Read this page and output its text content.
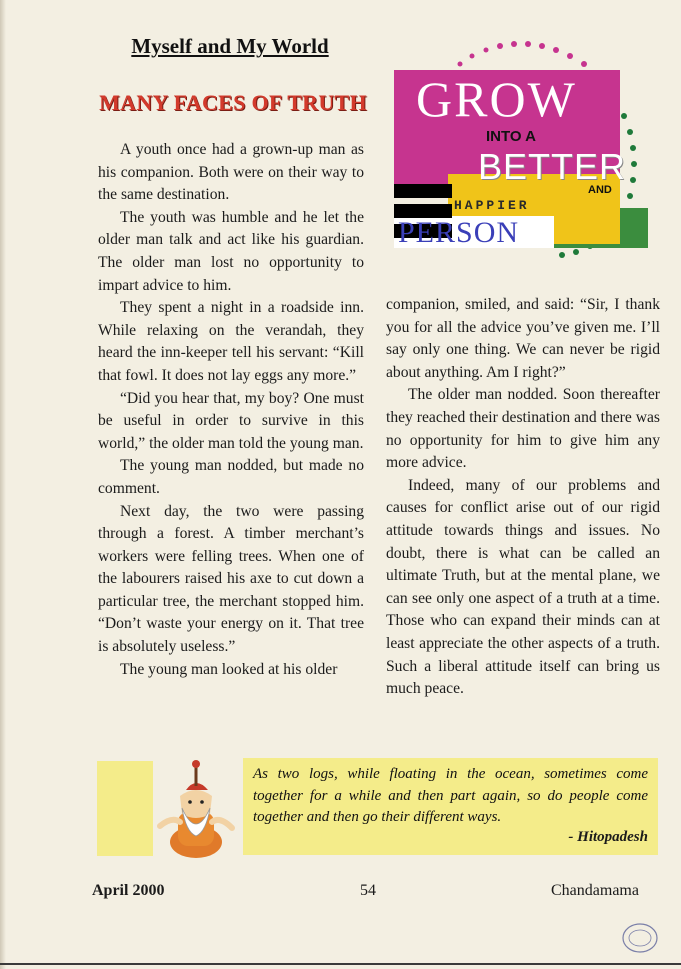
Myself and My World
MANY FACES OF TRUTH

A youth once had a grown-up man as his companion. Both were on their way to the same destination.

The youth was humble and he let the older man talk and act like his guardian. The older man lost no opportunity to impart advice to him.

They spent a night in a roadside inn. While relaxing on the verandah, they heard the inn-keeper tell his servant: “Kill that fowl. It does not lay eggs any more.”

“Did you hear that, my boy? One must be useful in order to survive in this world,” the older man told the young man.

The young man nodded, but made no comment.

Next day, the two were passing through a forest. A timber merchant’s workers were felling trees. When one of the labourers raised his axe to cut down a particular tree, the merchant stopped him. “Don’t waste your energy on it. That tree is absolutely useless.”

The young man looked at his older

GROW
INTO A
BETTER
AND
HAPPIER
PERSON

companion, smiled, and said: “Sir, I thank you for all the advice you’ve given me. I’ll say only one thing. We can never be rigid about anything. Am I right?”

The older man nodded. Soon thereafter they reached their destination and there was no opportunity for him to give him any more advice.

Indeed, many of our problems and causes for conflict arise out of our rigid attitude towards things and issues. No doubt, there is what can be called an ultimate Truth, but at the mental plane, we can see only one aspect of a truth at a time. Those who can expand their minds can at least appreciate the other aspects of a truth. Such a liberal attitude itself can bring us much peace.

As two logs, while floating in the ocean, sometimes come together for a while and then part again, so do people come together and then go their different ways.
- Hitopadesh
April 2000	54	Chandamama
